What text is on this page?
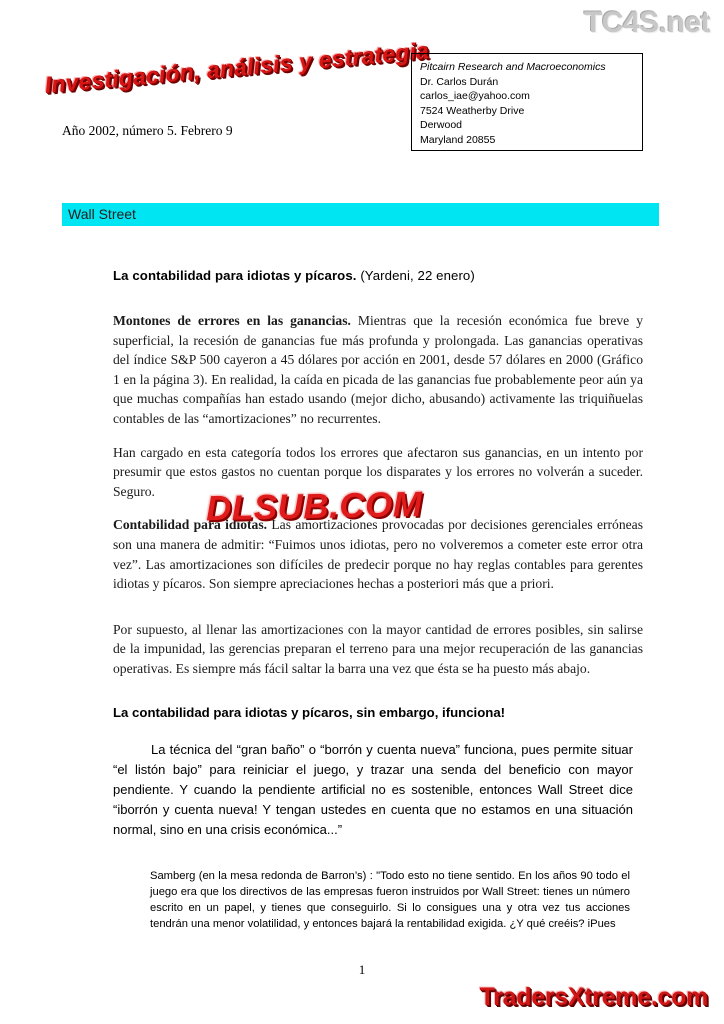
TC4S.net
Investigación, análisis y estrategia
Año 2002, número 5. Febrero 9
Pitcairn Research and Macroeconomics
Dr. Carlos Durán
carlos_iae@yahoo.com
7524 Weatherby Drive
Derwood
Maryland 20855
Wall Street
La contabilidad para idiotas y pícaros. (Yardeni, 22 enero)

Montones de errores en las ganancias. Mientras que la recesión económica fue breve y superficial, la recesión de ganancias fue más profunda y prolongada. Las ganancias operativas del índice S&P 500 cayeron a 45 dólares por acción en 2001, desde 57 dólares en 2000 (Gráfico 1 en la página 3). En realidad, la caída en picada de las ganancias fue probablemente peor aún ya que muchas compañías han estado usando (mejor dicho, abusando) activamente las triquiñuelas contables de las “amortizaciones” no recurrentes.

Han cargado en esta categoría todos los errores que afectaron sus ganancias, en un intento por presumir que estos gastos no cuentan porque los disparates y los errores no volverán a suceder. Seguro.

Contabilidad para idiotas. Las amortizaciones provocadas por decisiones gerenciales erróneas son una manera de admitir: “Fuimos unos idiotas, pero no volveremos a cometer este error otra vez”. Las amortizaciones son difíciles de predecir porque no hay reglas contables para gerentes idiotas y pícaros. Son siempre apreciaciones hechas a posteriori más que a priori.

Por supuesto, al llenar las amortizaciones con la mayor cantidad de errores posibles, sin salirse de la impunidad, las gerencias preparan el terreno para una mejor recuperación de las ganancias operativas. Es siempre más fácil saltar la barra una vez que ésta se ha puesto más abajo.

La contabilidad para idiotas y pícaros, sin embargo, ifunciona!

La técnica del “gran baño” o “borrón y cuenta nueva” funciona, pues permite situar “el listón bajo” para reiniciar el juego, y trazar una senda del beneficio con mayor pendiente. Y cuando la pendiente artificial no es sostenible, entonces Wall Street dice “iborrón y cuenta nueva! Y tengan ustedes en cuenta que no estamos en una situación normal, sino en una crisis económica...”

Samberg (en la mesa redonda de Barron’s) : "Todo esto no tiene sentido. En los años 90 todo el juego era que los directivos de las empresas fueron instruidos por Wall Street: tienes un número escrito en un papel, y tienes que conseguirlo. Si lo consigues una y otra vez tus acciones tendrán una menor volatilidad, y entonces bajará la rentabilidad exigida. ¿Y qué creéis? iPues

DLSUB.COM
1
TradersXtreme.com
